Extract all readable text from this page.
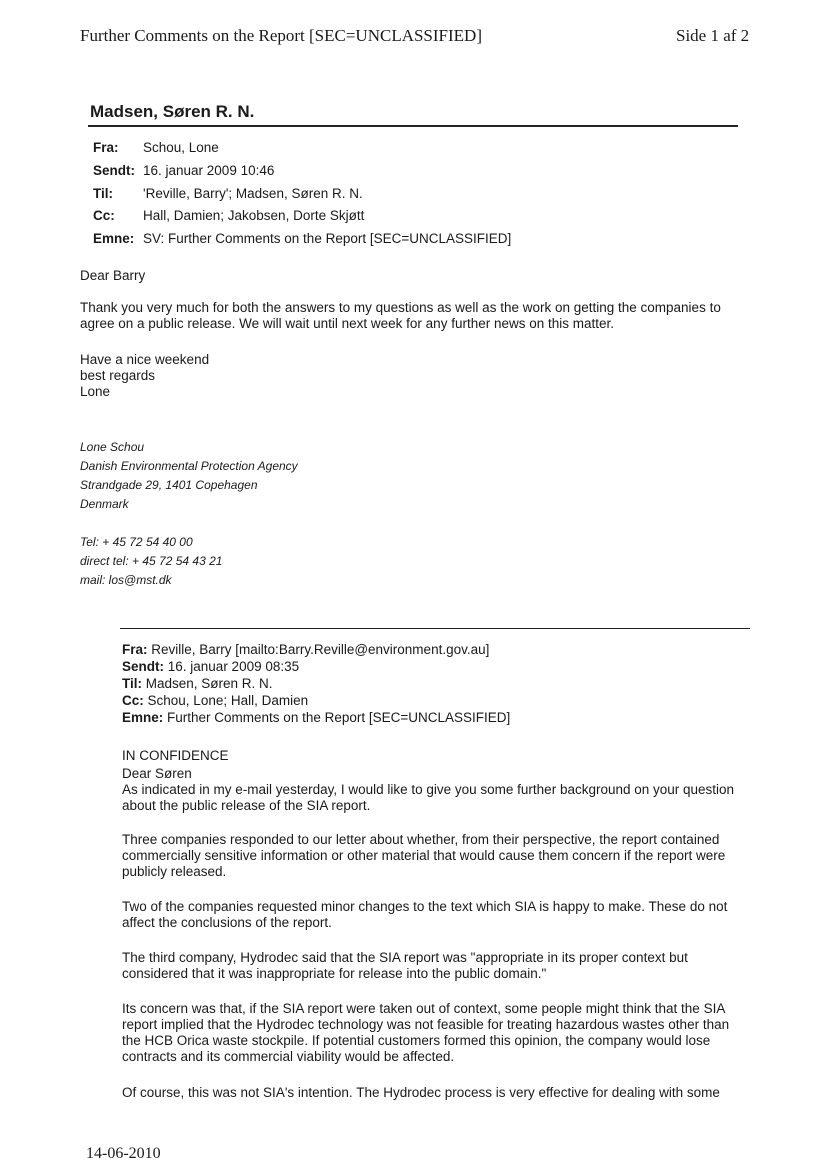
Further Comments on the Report [SEC=UNCLASSIFIED]	Side 1 af 2
Madsen, Søren R. N.
Fra: Schou, Lone
Sendt: 16. januar 2009 10:46
Til: 'Reville, Barry'; Madsen, Søren R. N.
Cc: Hall, Damien; Jakobsen, Dorte Skjøtt
Emne: SV: Further Comments on the Report [SEC=UNCLASSIFIED]
Dear Barry
Thank you very much for both the answers to my questions as well as the work on getting the companies to
agree on a public release. We will wait until next week for any further news on this matter.
Have a nice weekend
best regards
Lone
Lone Schou
Danish Environmental Protection Agency
Strandgade 29, 1401 Copehagen
Denmark
Tel: + 45 72 54 40 00
direct tel: + 45 72 54 43 21
mail: los@mst.dk
Fra: Reville, Barry [mailto:Barry.Reville@environment.gov.au]
Sendt: 16. januar 2009 08:35
Til: Madsen, Søren R. N.
Cc: Schou, Lone; Hall, Damien
Emne: Further Comments on the Report [SEC=UNCLASSIFIED]
IN CONFIDENCE
Dear Søren
As indicated in my e-mail yesterday, I would like to give you some further background on your question
about the public release of the SIA report.
Three companies responded to our letter about whether, from their perspective, the report contained
commercially sensitive information or other material that would cause them concern if the report were
publicly released.
Two of the companies requested minor changes to the text which SIA is happy to make. These do not
affect the conclusions of the report.
The third company, Hydrodec said that the SIA report was "appropriate in its proper context but
considered that it was inappropriate for release into the public domain."
Its concern was that, if the SIA report were taken out of context, some people might think that the SIA
report implied that the Hydrodec technology was not feasible for treating hazardous wastes other than
the HCB Orica waste stockpile. If potential customers formed this opinion, the company would lose
contracts and its commercial viability would be affected.
Of course, this was not SIA's intention. The Hydrodec process is very effective for dealing with some
14-06-2010
